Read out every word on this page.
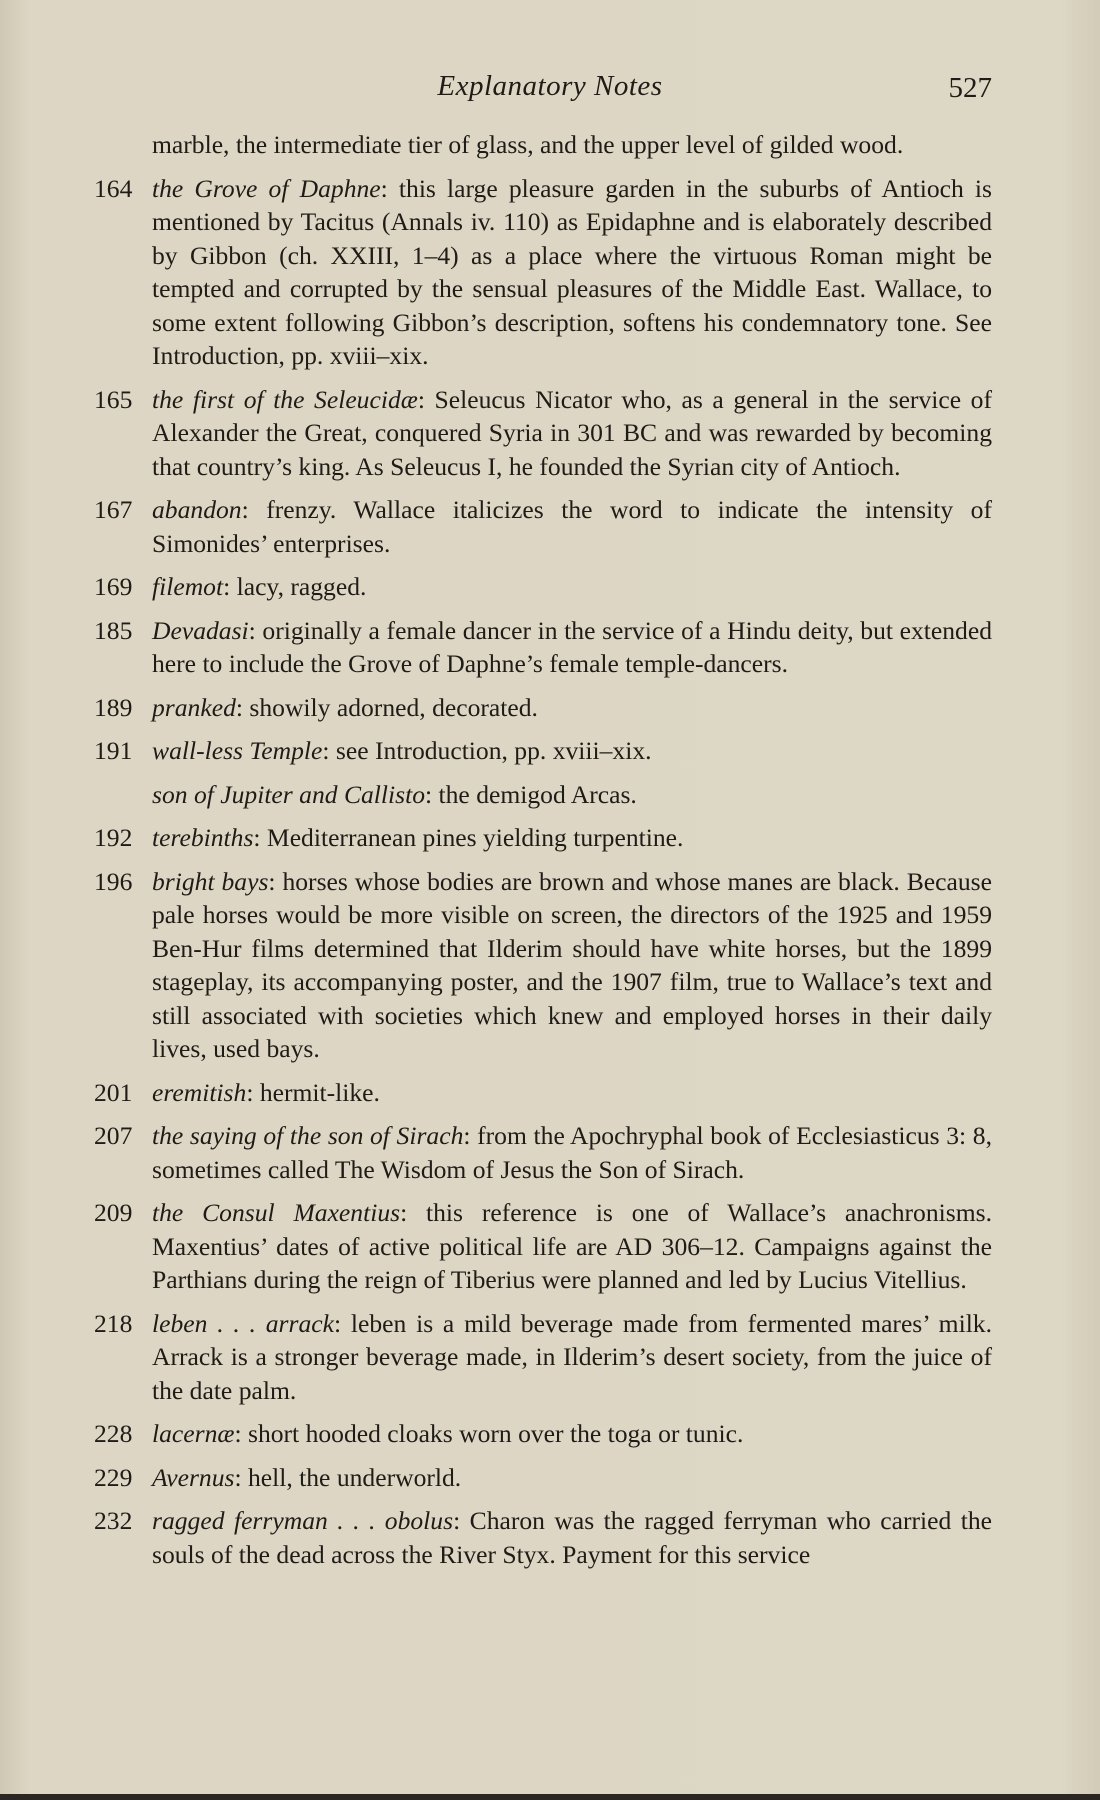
Explanatory Notes	527
marble, the intermediate tier of glass, and the upper level of gilded wood.
164 the Grove of Daphne: this large pleasure garden in the suburbs of Antioch is mentioned by Tacitus (Annals iv. 110) as Epidaphne and is elaborately described by Gibbon (ch. XXIII, 1–4) as a place where the virtuous Roman might be tempted and corrupted by the sensual pleasures of the Middle East. Wallace, to some extent following Gibbon’s description, softens his condemnatory tone. See Introduction, pp. xviii–xix.
165 the first of the Seleucidæ: Seleucus Nicator who, as a general in the service of Alexander the Great, conquered Syria in 301 BC and was rewarded by becoming that country’s king. As Seleucus I, he founded the Syrian city of Antioch.
167 abandon: frenzy. Wallace italicizes the word to indicate the intensity of Simonides’ enterprises.
169 filemot: lacy, ragged.
185 Devadasi: originally a female dancer in the service of a Hindu deity, but extended here to include the Grove of Daphne’s female temple-dancers.
189 pranked: showily adorned, decorated.
191 wall-less Temple: see Introduction, pp. xviii–xix.
son of Jupiter and Callisto: the demigod Arcas.
192 terebinths: Mediterranean pines yielding turpentine.
196 bright bays: horses whose bodies are brown and whose manes are black. Because pale horses would be more visible on screen, the directors of the 1925 and 1959 Ben-Hur films determined that Ilderim should have white horses, but the 1899 stageplay, its accompanying poster, and the 1907 film, true to Wallace’s text and still associated with societies which knew and employed horses in their daily lives, used bays.
201 eremitish: hermit-like.
207 the saying of the son of Sirach: from the Apochryphal book of Ecclesiasticus 3: 8, sometimes called The Wisdom of Jesus the Son of Sirach.
209 the Consul Maxentius: this reference is one of Wallace’s anachronisms. Maxentius’ dates of active political life are AD 306–12. Campaigns against the Parthians during the reign of Tiberius were planned and led by Lucius Vitellius.
218 leben . . . arrack: leben is a mild beverage made from fermented mares’ milk. Arrack is a stronger beverage made, in Ilderim’s desert society, from the juice of the date palm.
228 lacernæ: short hooded cloaks worn over the toga or tunic.
229 Avernus: hell, the underworld.
232 ragged ferryman . . . obolus: Charon was the ragged ferryman who carried the souls of the dead across the River Styx. Payment for this service
